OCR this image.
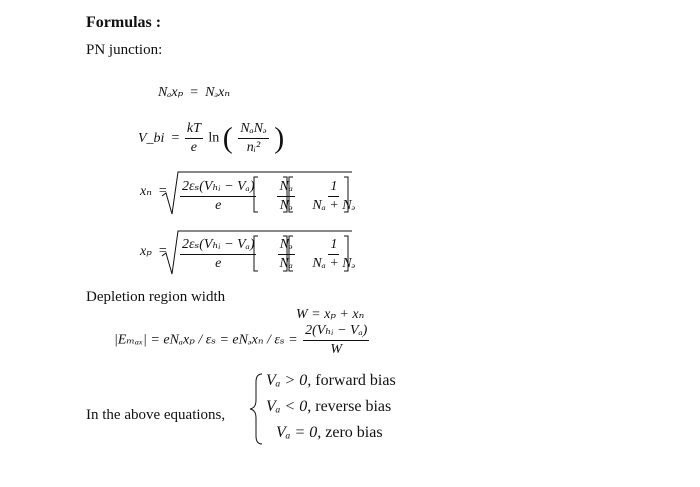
Formulas :
PN junction:
Nₐxₚ  =  Nₔxₙ
V_bi  = $\frac{kT}{e}$ ln ( $\frac{\text{NₐNₔ}}{\text{nᵢ²}}$ )
$x_n = \frac{\text{2εₛ(Vₕᵢ − Vₐ)}}{e}$
$\frac{\text{Nₐ}}{\text{Nₔ}}$
$\frac{1}{\text{Nₐ + Nₔ}}$
$x_p = \frac{\text{2εₛ(Vₕᵢ − Vₐ)}}{e}$
$\frac{\text{Nₔ}}{\text{Nₐ}}$
$\frac{1}{\text{Nₐ + Nₔ}}$
Depletion region width
W = xₚ + xₙ
|Eₘₐₓ| = eNₐxₚ / εₛ = eNₔxₙ / $\varepsilon_s = \frac{\text{2(Vₕᵢ − Vₐ)}}{W}$
In the above equations,
Vₐ > 0, forward bias
Vₐ < 0, reverse bias
Vₐ = 0, zero bias
